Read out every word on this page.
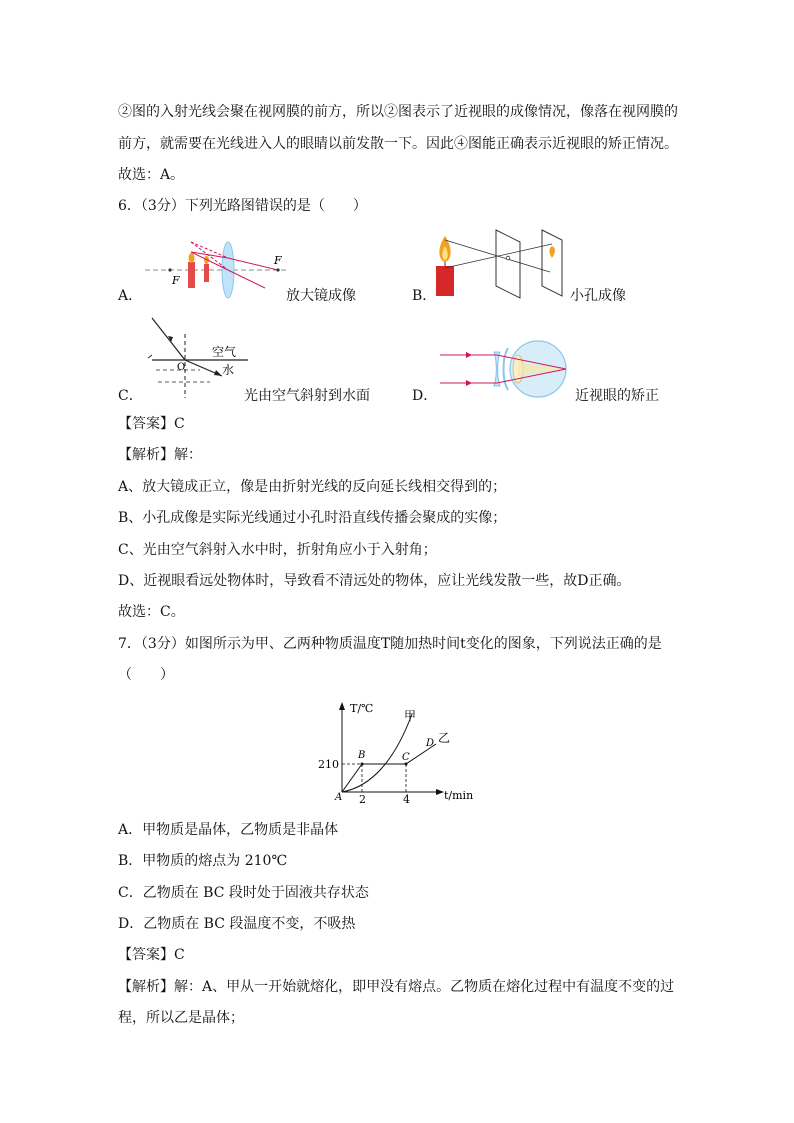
②图的入射光线会聚在视网膜的前方，所以②图表示了近视眼的成像情况，像落在视网膜的
前方，就需要在光线进入人的眼睛以前发散一下。因此④图能正确表示近视眼的矫正情况。
故选：A。
6．（3分）下列光路图错误的是（　　）
A．
F
F
放大镜成像	B．	小孔成像
C．
O
空气
水
光由空气斜射到水面	D．	近视眼的矫正
【答案】C
【解析】解：
A、放大镜成正立，像是由折射光线的反向延长线相交得到的；
B、小孔成像是实际光线通过小孔时沿直线传播会聚成的实像；
C、光由空气斜射入水中时，折射角应小于入射角；
D、近视眼看远处物体时，导致看不清远处的物体，应让光线发散一些，故D正确。
故选：C。
7．（3分）如图所示为甲、乙两种物质温度T随加热时间t变化的图象，下列说法正确的是
（　　）
T/℃
t/min
210
2	4
A
B	C
D
甲
乙
A．甲物质是晶体，乙物质是非晶体
B．甲物质的熔点为 210℃
C．乙物质在 BC 段时处于固液共存状态
D．乙物质在 BC 段温度不变，不吸热
【答案】C
【解析】解：A、甲从一开始就熔化，即甲没有熔点。乙物质在熔化过程中有温度不变的过
程，所以乙是晶体；
